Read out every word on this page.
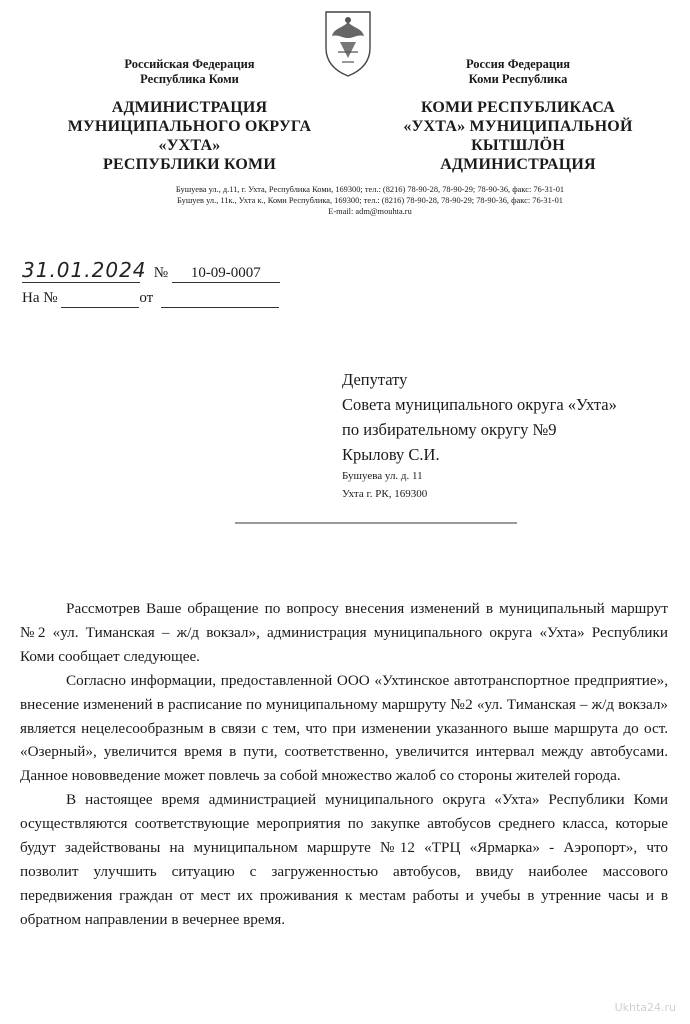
Российская Федерация
Республика Коми
АДМИНИСТРАЦИЯ
МУНИЦИПАЛЬНОГО ОКРУГА
«УХТА»
РЕСПУБЛИКИ КОМИ
Россия Федерация
Коми Республика
КОМИ РЕСПУБЛИКАСА
«УХТА» МУНИЦИПАЛЬНОЙ
КЫТШЛӦН
АДМИНИСТРАЦИЯ
Бушуева ул., д.11, г. Ухта, Республика Коми, 169300; тел.: (8216) 78-90-28, 78-90-29; 78-90-36, факс: 76-31-01
Бушуев ул., 11к., Ухта к., Коми Республика, 169300; тел.: (8216) 78-90-28, 78-90-29; 78-90-36, факс: 76-31-01
E-mail: adm@mouhta.ru
31.01.2024 № 10-09-0007
На №	от
Депутату
Совета муниципального округа «Ухта»
по избирательному округу №9
Крылову С.И.
Бушуева ул. д. 11
Ухта г. РК, 169300
Рассмотрев Ваше обращение по вопросу внесения изменений в муниципальный маршрут №2 «ул. Тиманская – ж/д вокзал», администрация муниципального округа «Ухта» Республики Коми сообщает следующее.
Согласно информации, предоставленной ООО «Ухтинское автотранспортное предприятие», внесение изменений в расписание по муниципальному маршруту №2 «ул. Тиманская – ж/д вокзал» является нецелесообразным в связи с тем, что при изменении указанного выше маршрута до ост. «Озерный», увеличится время в пути, соответственно, увеличится интервал между автобусами. Данное нововведение может повлечь за собой множество жалоб со стороны жителей города.
В настоящее время администрацией муниципального округа «Ухта» Республики Коми осуществляются соответствующие мероприятия по закупке автобусов среднего класса, которые будут задействованы на муниципальном маршруте №12 «ТРЦ «Ярмарка» - Аэропорт», что позволит улучшить ситуацию с загруженностью автобусов, ввиду наиболее массового передвижения граждан от мест их проживания к местам работы и учебы в утренние часы и в обратном направлении в вечернее время.
Ukhta24.ru
